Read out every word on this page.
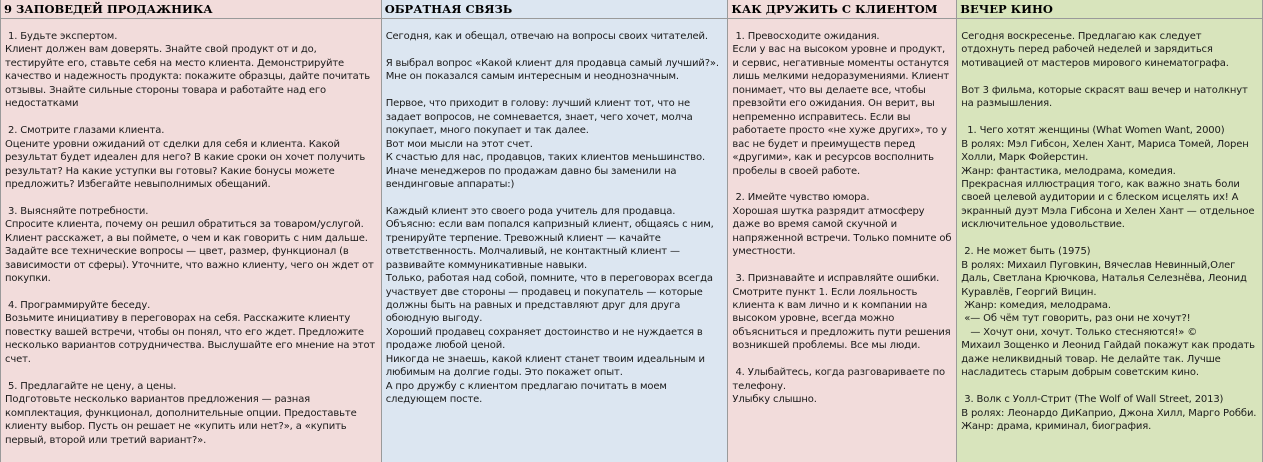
9 ЗАПОВЕДЕЙ ПРОДАЖНИКА

1. Будьте экспертом.
Клиент должен вам доверять. Знайте свой продукт от и до, тестируйте его, ставьте себя на место клиента. Демонстрируйте качество и надежность продукта: покажите образцы, дайте почитать отзывы. Знайте сильные стороны товара и работайте над его недостатками

2. Смотрите глазами клиента.
Оцените уровни ожиданий от сделки для себя и клиента. Какой результат будет идеален для него? В какие сроки он хочет получить результат? На какие уступки вы готовы? Какие бонусы можете предложить? Избегайте невыполнимых обещаний.

3. Выясняйте потребности.
Спросите клиента, почему он решил обратиться за товаром/услугой. Клиент расскажет, а вы поймете, о чем и как говорить с ним дальше. Задайте все технические вопросы — цвет, размер, функционал (в зависимости от сферы). Уточните, что важно клиенту, чего он ждет от покупки.

4. Программируйте беседу.
Возьмите инициативу в переговорах на себя. Расскажите клиенту повестку вашей встречи, чтобы он понял, что его ждет. Предложите несколько вариантов сотрудничества. Выслушайте его мнение на этот счет.

5. Предлагайте не цену, а цены.
Подготовьте несколько вариантов предложения — разная комплектация, функционал, дополнительные опции. Предоставьте клиенту выбор. Пусть он решает не «купить или нет?», а «купить первый, второй или третий вариант?».

ОБРАТНАЯ СВЯЗЬ

Сегодня, как и обещал, отвечаю на вопросы своих читателей.

Я выбрал вопрос «Какой клиент для продавца самый лучший?». Мне он показался самым интересным и неоднозначным.

Первое, что приходит в голову: лучший клиент тот, что не задает вопросов, не сомневается, знает, чего хочет, молча покупает, много покупает и так далее.
Вот мои мысли на этот счет.
К счастью для нас, продавцов, таких клиентов меньшинство. Иначе менеджеров по продажам давно бы заменили на вендинговые аппараты:)

Каждый клиент это своего рода учитель для продавца.
Объясню: если вам попался капризный клиент, общаясь с ним, тренируйте терпение. Тревожный клиент — качайте ответственность. Молчаливый, не контактный клиент — развивайте коммуникативные навыки.
Только, работая над собой, помните, что в переговорах всегда участвует две стороны — продавец и покупатель — которые должны быть на равных и представляют друг для друга обоюдную выгоду.
Хороший продавец сохраняет достоинство и не нуждается в продаже любой ценой.
Никогда не знаешь, какой клиент станет твоим идеальным и любимым на долгие годы. Это покажет опыт.
А про дружбу с клиентом предлагаю почитать в моем следующем посте.

КАК ДРУЖИТЬ С КЛИЕНТОМ

1. Превосходите ожидания.
Если у вас на высоком уровне и продукт, и сервис, негативные моменты останутся лишь мелкими недоразумениями. Клиент понимает, что вы делаете все, чтобы превзойти его ожидания. Он верит, вы непременно исправитесь. Если вы работаете просто «не хуже других», то у вас не будет и преимуществ перед «другими», как и ресурсов восполнить пробелы в своей работе.

2. Имейте чувство юмора.
Хорошая шутка разрядит атмосферу даже во время самой скучной и напряженной встречи. Только помните об уместности.

3. Признавайте и исправляйте ошибки.
Смотрите пункт 1. Если лояльность клиента к вам лично и к компании на высоком уровне, всегда можно объясниться и предложить пути решения возникшей проблемы. Все мы люди.

4. Улыбайтесь, когда разговариваете по телефону.
Улыбку слышно.

ВЕЧЕР КИНО

Сегодня воскресенье. Предлагаю как следует отдохнуть перед рабочей неделей и зарядиться мотивацией от мастеров мирового кинематографа.

Вот 3 фильма, которые скрасят ваш вечер и натолкнут на размышления.

1. Чего хотят женщины (What Women Want, 2000)
В ролях: Мэл Гибсон, Хелен Хант, Мариса Томей, Лорен Холли, Марк Фойерстин.
Жанр: фантастика, мелодрама, комедия.
Прекрасная иллюстрация того, как важно знать боли своей целевой аудитории и с блеском исцелять их! А экранный дуэт Мэла Гибсона и Хелен Хант — отдельное исключительное удовольствие.

2. Не может быть (1975)
В ролях: Михаил Пуговкин, Вячеслав Невинный,Олег Даль, Светлана Крючкова, Наталья Селезнёва, Леонид Куравлёв, Георгий Вицин.
Жанр: комедия, мелодрама.
«— Об чём тут говорить, раз они не хочут?!
— Хочут они, хочут. Только стесняются!» ©
Михаил Зощенко и Леонид Гайдай покажут как продать даже неликвидный товар. Не делайте так. Лучше насладитесь старым добрым советским кино.

3. Волк с Уолл-Стрит (The Wolf of Wall Street, 2013)
В ролях: Леонардо ДиКаприо, Джона Хилл, Марго Робби.
Жанр: драма, криминал, биография.
